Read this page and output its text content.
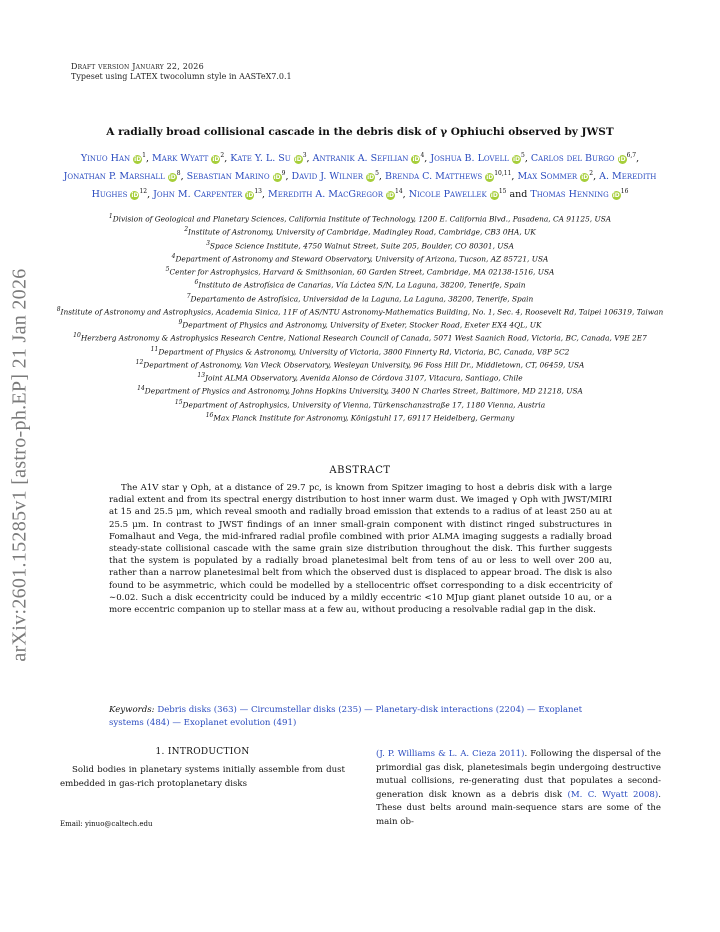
arXiv:2601.15285v1 [astro-ph.EP] 21 Jan 2026
Draft version January 22, 2026
Typeset using LATEX twocolumn style in AASTeX7.0.1
A radially broad collisional cascade in the debris disk of γ Ophiuchi observed by JWST
Yinuo Han $iD^1$, Mark Wyatt $iD^2$, Kate Y. L. Su $iD^3$, Antranik A. Sefilian $iD^4$, Joshua B. Lovell $iD^5$, Carlos del Burgo iD$^{6,7}$, Jonathan P. Marshall $iD^8$, Sebastian Marino $iD^9$, David J. Wilner $iD^5$, Brenda C. Matthews iD$^{10,11}$, Max Sommer $iD^2$, A. Meredith Hughes $iD^{12}$, John M. Carpenter $iD^{13}$, Meredith A. MacGregor $iD^{14}$, Nicole Pawellek $iD^{15}$ and Thomas Henning $iD^{16}$
$^1$Division of Geological and Planetary Sciences, California Institute of Technology, 1200 E. California Blvd., Pasadena, CA 91125, USA
$^2$Institute of Astronomy, University of Cambridge, Madingley Road, Cambridge, CB3 0HA, UK
$^3$Space Science Institute, 4750 Walnut Street, Suite 205, Boulder, CO 80301, USA
$^4$Department of Astronomy and Steward Observatory, University of Arizona, Tucson, AZ 85721, USA
$^5$Center for Astrophysics, Harvard & Smithsonian, 60 Garden Street, Cambridge, MA 02138-1516, USA
$^6$Instituto de Astrofísica de Canarias, Vía Láctea S/N, La Laguna, 38200, Tenerife, Spain
$^7$Departamento de Astrofísica, Universidad de la Laguna, La Laguna, 38200, Tenerife, Spain
$^8$Institute of Astronomy and Astrophysics, Academia Sinica, 11F of AS/NTU Astronomy-Mathematics Building, No. 1, Sec. 4, Roosevelt Rd, Taipei 106319, Taiwan
$^9$Department of Physics and Astronomy, University of Exeter, Stocker Road, Exeter EX4 4QL, UK
$^{10}$Herzberg Astronomy & Astrophysics Research Centre, National Research Council of Canada, 5071 West Saanich Road, Victoria, BC, Canada, V9E 2E7
$^{11}$Department of Physics & Astronomy, University of Victoria, 3800 Finnerty Rd, Victoria, BC, Canada, V8P 5C2
$^{12}$Department of Astronomy, Van Vleck Observatory, Wesleyan University, 96 Foss Hill Dr., Middletown, CT, 06459, USA
$^{13}$Joint ALMA Observatory, Avenida Alonso de Córdova 3107, Vitacura, Santiago, Chile
$^{14}$Department of Physics and Astronomy, Johns Hopkins University, 3400 N Charles Street, Baltimore, MD 21218, USA
$^{15}$Department of Astrophysics, University of Vienna, Türkenschanzstraße 17, 1180 Vienna, Austria
$^{16}$Max Planck Institute for Astronomy, Königstuhl 17, 69117 Heidelberg, Germany
ABSTRACT
The A1V star γ Oph, at a distance of 29.7 pc, is known from Spitzer imaging to host a debris disk with a large radial extent and from its spectral energy distribution to host inner warm dust. We imaged γ Oph with JWST/MIRI at 15 and 25.5 μm, which reveal smooth and radially broad emission that extends to a radius of at least 250 au at 25.5 μm. In contrast to JWST findings of an inner small-grain component with distinct ringed substructures in Fomalhaut and Vega, the mid-infrared radial profile combined with prior ALMA imaging suggests a radially broad steady-state collisional cascade with the same grain size distribution throughout the disk. This further suggests that the system is populated by a radially broad planetesimal belt from tens of au or less to well over 200 au, rather than a narrow planetesimal belt from which the observed dust is displaced to appear broad. The disk is also found to be asymmetric, which could be modelled by a stellocentric offset corresponding to a disk eccentricity of ∼0.02. Such a disk eccentricity could be induced by a mildly eccentric <10 MJup giant planet outside 10 au, or a more eccentric companion up to stellar mass at a few au, without producing a resolvable radial gap in the disk.
Keywords: Debris disks (363) — Circumstellar disks (235) — Planetary-disk interactions (2204) — Exoplanet systems (484) — Exoplanet evolution (491)
1. INTRODUCTION
Solid bodies in planetary systems initially assemble from dust embedded in gas-rich protoplanetary disks
Email: yinuo@caltech.edu
(J. P. Williams & L. A. Cieza 2011). Following the dispersal of the primordial gas disk, planetesimals begin undergoing destructive mutual collisions, re-generating dust that populates a second-generation disk known as a debris disk (M. C. Wyatt 2008). These dust belts around main-sequence stars are some of the main ob-
